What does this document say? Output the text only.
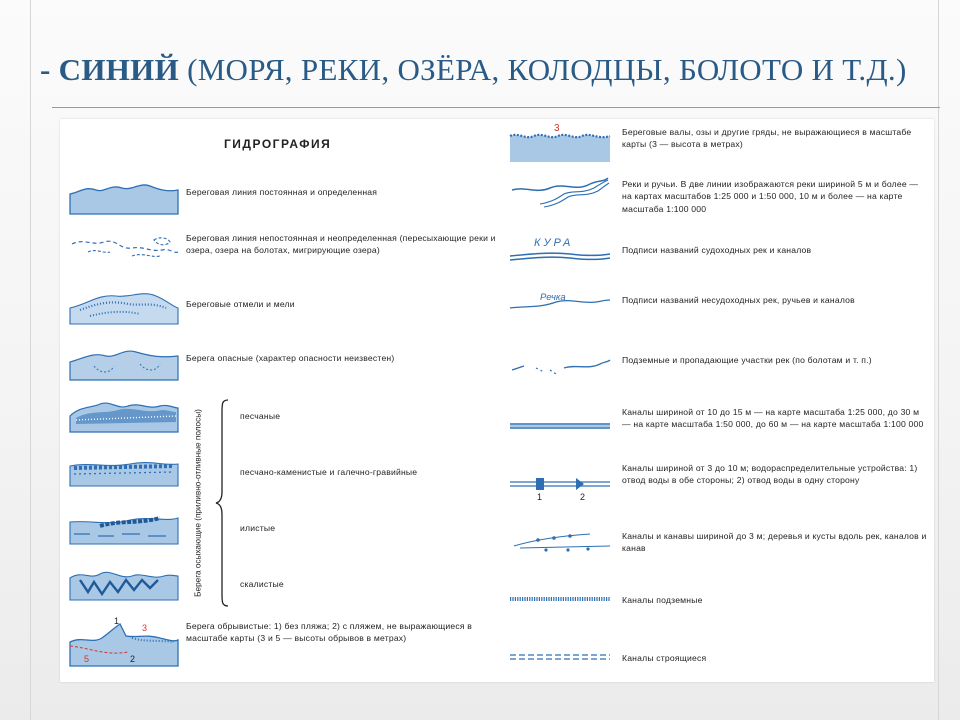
- СИНИЙ (МОРЯ, РЕКИ, ОЗЁРА, КОЛОДЦЫ, БОЛОТО И Т.Д.)
ГИДРОГРАФИЯ
1
3
5	2
Береговая линия постоянная и определенная
Береговая линия непостоянная и неопределенная (пересыхающие реки и озера, озера на болотах, мигрирующие озера)
Береговые отмели и мели
Берега опасные (характер опасности неизвестен)
песчаные
песчано-каменистые и галечно-гравийные
илистые
скалистые
Берега обрывистые: 1) без пляжа; 2) с пляжем, не выражающиеся в масштабе карты (3 и 5 — высоты обрывов в метрах)
Берега осыхающие (приливно-отливные полосы)
3
КУРА
Речка
1	2
Береговые валы, озы и другие гряды, не выражающиеся в масштабе карты (3 — высота в метрах)
Реки и ручьи. В две линии изображаются реки шириной 5 м и более — на картах масштабов 1:25 000 и 1:50 000, 10 м и более — на карте масштаба 1:100 000
Подписи названий судоходных рек и каналов
Подписи названий несудоходных рек, ручьев и каналов
Подземные и пропадающие участки рек (по болотам и т. п.)
Каналы шириной от 10 до 15 м — на карте масштаба 1:25 000, до 30 м — на карте масштаба 1:50 000, до 60 м — на карте масштаба 1:100 000
Каналы шириной от 3 до 10 м; водораспределительные устройства: 1) отвод воды в обе стороны; 2) отвод воды в одну сторону
Каналы и канавы шириной до 3 м; деревья и кусты вдоль рек, каналов и канав
Каналы подземные
Каналы строящиеся
